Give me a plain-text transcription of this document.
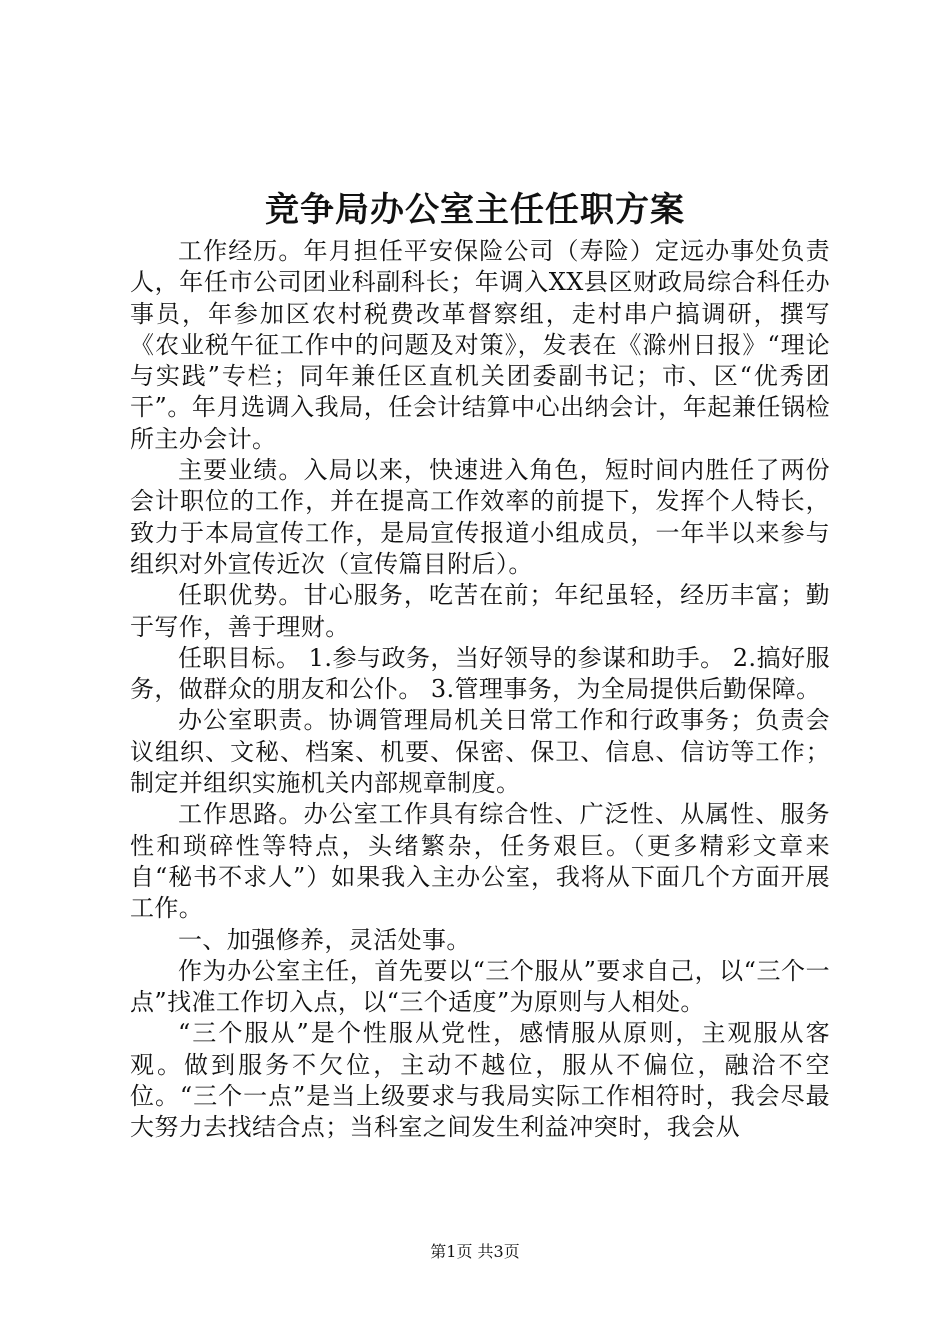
竞争局办公室主任任职方案

工作经历。年月担任平安保险公司（寿险）定远办事处负责人，年任市公司团业科副科长；年调入XX县区财政局综合科任办事员，年参加区农村税费改革督察组，走村串户搞调研，撰写《农业税午征工作中的问题及对策》，发表在《滁州日报》“理论与实践”专栏；同年兼任区直机关团委副书记；市、区“优秀团干”。年月选调入我局，任会计结算中心出纳会计，年起兼任锅检所主办会计。

主要业绩。入局以来，快速进入角色，短时间内胜任了两份会计职位的工作，并在提高工作效率的前提下，发挥个人特长，致力于本局宣传工作，是局宣传报道小组成员，一年半以来参与组织对外宣传近次（宣传篇目附后）。

任职优势。甘心服务，吃苦在前；年纪虽轻，经历丰富；勤于写作，善于理财。

任职目标。 1.参与政务，当好领导的参谋和助手。 2.搞好服务，做群众的朋友和公仆。 3.管理事务，为全局提供后勤保障。

办公室职责。协调管理局机关日常工作和行政事务；负责会议组织、文秘、档案、机要、保密、保卫、信息、信访等工作；制定并组织实施机关内部规章制度。

工作思路。办公室工作具有综合性、广泛性、从属性、服务性和琐碎性等特点，头绪繁杂，任务艰巨。（更多精彩文章来自“秘书不求人”）如果我入主办公室，我将从下面几个方面开展工作。

一、加强修养，灵活处事。

作为办公室主任，首先要以“三个服从”要求自己，以“三个一点”找准工作切入点，以“三个适度”为原则与人相处。

“三个服从”是个性服从党性，感情服从原则，主观服从客观。做到服务不欠位，主动不越位，服从不偏位，融洽不空位。“三个一点”是当上级要求与我局实际工作相符时，我会尽最大努力去找结合点；当科室之间发生利益冲突时，我会从

第1页 共3页
